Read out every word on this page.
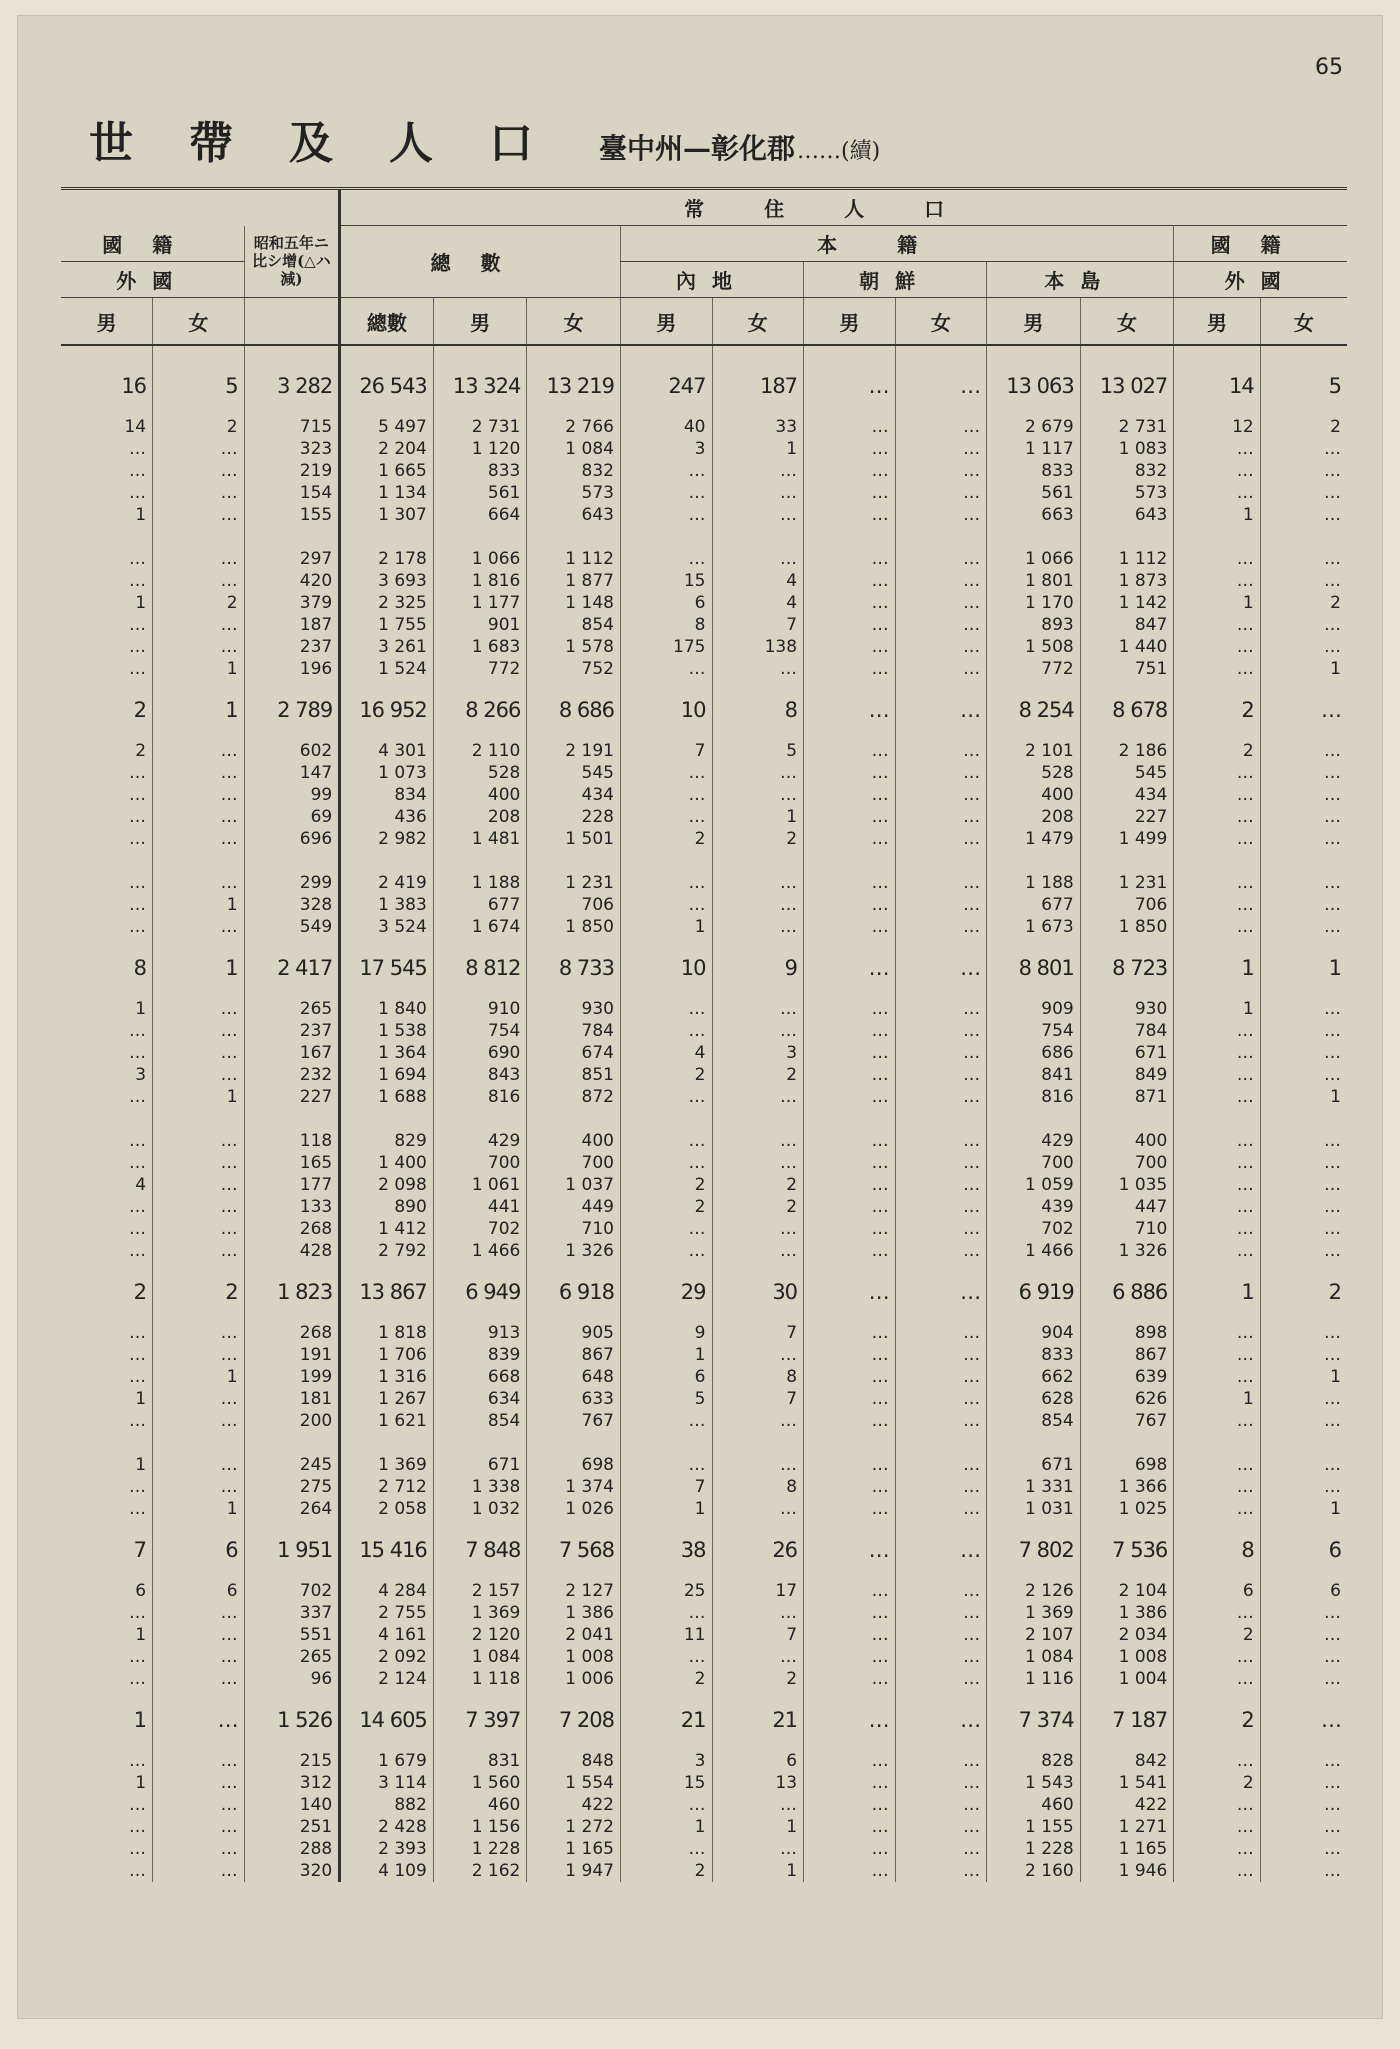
65
世帶及人口 臺中州—彰化郡 ……(續)
			常住人口										
國籍		昭和五年ニ比シ增(△ハ減)	總數			本籍						國籍	
外國						內地		朝鮮		本島		外國	
男	女		總數	男	女	男	女	男	女	男	女	男	女
16	5	3 282	26 543	13 324	13 219	247	187	…	…	13 063	13 027	14	5
14	2	715	5 497	2 731	2 766	40	33	…	…	2 679	2 731	12	2
…	…	323	2 204	1 120	1 084	3	1	…	…	1 117	1 083	…	…
…	…	219	1 665	833	832	…	…	…	…	833	832	…	…
…	…	154	1 134	561	573	…	…	…	…	561	573	…	…
1	…	155	1 307	664	643	…	…	…	…	663	643	1	…

…	…	297	2 178	1 066	1 112	…	…	…	…	1 066	1 112	…	…
…	…	420	3 693	1 816	1 877	15	4	…	…	1 801	1 873	…	…
1	2	379	2 325	1 177	1 148	6	4	…	…	1 170	1 142	1	2
…	…	187	1 755	901	854	8	7	…	…	893	847	…	…
…	…	237	3 261	1 683	1 578	175	138	…	…	1 508	1 440	…	…
…	1	196	1 524	772	752	…	…	…	…	772	751	…	1
2	1	2 789	16 952	8 266	8 686	10	8	…	…	8 254	8 678	2	…
2	…	602	4 301	2 110	2 191	7	5	…	…	2 101	2 186	2	…
…	…	147	1 073	528	545	…	…	…	…	528	545	…	…
…	…	99	834	400	434	…	…	…	…	400	434	…	…
…	…	69	436	208	228	…	1	…	…	208	227	…	…
…	…	696	2 982	1 481	1 501	2	2	…	…	1 479	1 499	…	…

…	…	299	2 419	1 188	1 231	…	…	…	…	1 188	1 231	…	…
…	1	328	1 383	677	706	…	…	…	…	677	706	…	…
…	…	549	3 524	1 674	1 850	1	…	…	…	1 673	1 850	…	…
8	1	2 417	17 545	8 812	8 733	10	9	…	…	8 801	8 723	1	1
1	…	265	1 840	910	930	…	…	…	…	909	930	1	…
…	…	237	1 538	754	784	…	…	…	…	754	784	…	…
…	…	167	1 364	690	674	4	3	…	…	686	671	…	…
3	…	232	1 694	843	851	2	2	…	…	841	849	…	…
…	1	227	1 688	816	872	…	…	…	…	816	871	…	1

…	…	118	829	429	400	…	…	…	…	429	400	…	…
…	…	165	1 400	700	700	…	…	…	…	700	700	…	…
4	…	177	2 098	1 061	1 037	2	2	…	…	1 059	1 035	…	…
…	…	133	890	441	449	2	2	…	…	439	447	…	…
…	…	268	1 412	702	710	…	…	…	…	702	710	…	…
…	…	428	2 792	1 466	1 326	…	…	…	…	1 466	1 326	…	…
2	2	1 823	13 867	6 949	6 918	29	30	…	…	6 919	6 886	1	2
…	…	268	1 818	913	905	9	7	…	…	904	898	…	…
…	…	191	1 706	839	867	1	…	…	…	833	867	…	…
…	1	199	1 316	668	648	6	8	…	…	662	639	…	1
1	…	181	1 267	634	633	5	7	…	…	628	626	1	…
…	…	200	1 621	854	767	…	…	…	…	854	767	…	…

1	…	245	1 369	671	698	…	…	…	…	671	698	…	…
…	…	275	2 712	1 338	1 374	7	8	…	…	1 331	1 366	…	…
…	1	264	2 058	1 032	1 026	1	…	…	…	1 031	1 025	…	1
7	6	1 951	15 416	7 848	7 568	38	26	…	…	7 802	7 536	8	6
6	6	702	4 284	2 157	2 127	25	17	…	…	2 126	2 104	6	6
…	…	337	2 755	1 369	1 386	…	…	…	…	1 369	1 386	…	…
1	…	551	4 161	2 120	2 041	11	7	…	…	2 107	2 034	2	…
…	…	265	2 092	1 084	1 008	…	…	…	…	1 084	1 008	…	…
…	…	96	2 124	1 118	1 006	2	2	…	…	1 116	1 004	…	…
1	…	1 526	14 605	7 397	7 208	21	21	…	…	7 374	7 187	2	…
…	…	215	1 679	831	848	3	6	…	…	828	842	…	…
1	…	312	3 114	1 560	1 554	15	13	…	…	1 543	1 541	2	…
…	…	140	882	460	422	…	…	…	…	460	422	…	…
…	…	251	2 428	1 156	1 272	1	1	…	…	1 155	1 271	…	…
…	…	288	2 393	1 228	1 165	…	…	…	…	1 228	1 165	…	…
…	…	320	4 109	2 162	1 947	2	1	…	…	2 160	1 946	…	…
